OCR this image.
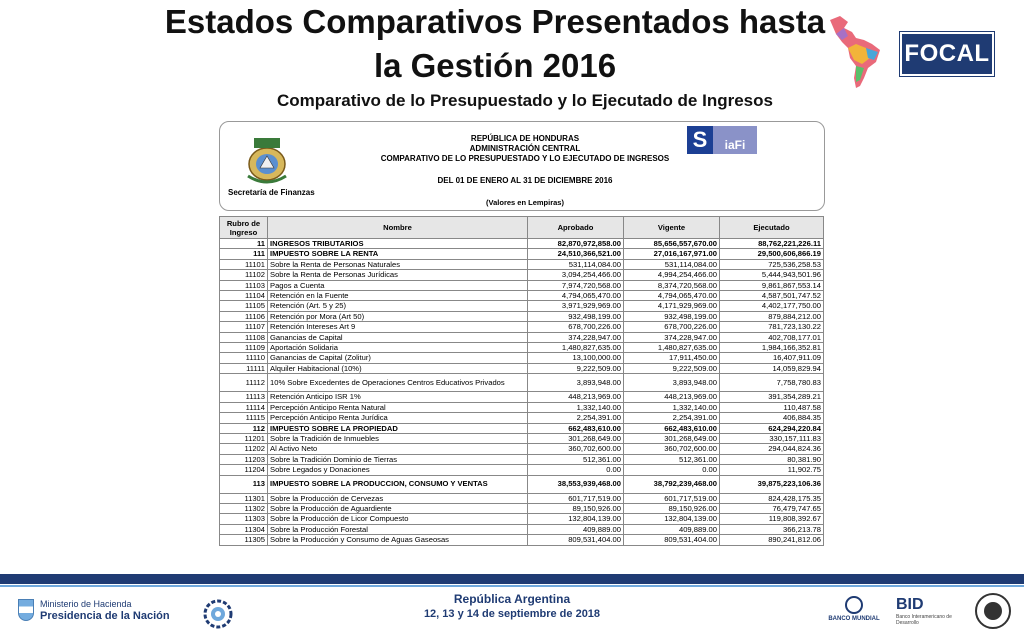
Estados Comparativos Presentados hasta
la Gestión 2016
Comparativo de lo Presupuestado y lo Ejecutado de Ingresos
FOCAL
Secretaría de Finanzas
REPÚBLICA DE HONDURAS
ADMINISTRACIÓN CENTRAL
COMPARATIVO DE LO PRESUPUESTADO Y LO EJECUTADO DE INGRESOS
DEL 01 DE ENERO AL 31 DE DICIEMBRE 2016
(Valores en Lempiras)
S	iaFi
Rubro de Ingreso	Nombre	Aprobado	Vigente	Ejecutado
11	INGRESOS TRIBUTARIOS	82,870,972,858.00	85,656,557,670.00	88,762,221,226.11
111	IMPUESTO SOBRE LA RENTA	24,510,366,521.00	27,016,167,971.00	29,500,606,866.19
11101	Sobre la Renta de Personas Naturales	531,114,084.00	531,114,084.00	725,536,258.53
11102	Sobre la Renta de Personas Jurídicas	3,094,254,466.00	4,994,254,466.00	5,444,943,501.96
11103	Pagos a Cuenta	7,974,720,568.00	8,374,720,568.00	9,861,867,553.14
11104	Retención en la Fuente	4,794,065,470.00	4,794,065,470.00	4,587,501,747.52
11105	Retención (Art. 5 y 25)	3,971,929,969.00	4,171,929,969.00	4,402,177,750.00
11106	Retención por Mora (Art 50)	932,498,199.00	932,498,199.00	879,884,212.00
11107	Retención Intereses Art 9	678,700,226.00	678,700,226.00	781,723,130.22
11108	Ganancias de Capital	374,228,947.00	374,228,947.00	402,708,177.01
11109	Aportación Solidaria	1,480,827,635.00	1,480,827,635.00	1,984,166,352.81
11110	Ganancias de Capital (Zolitur)	13,100,000.00	17,911,450.00	16,407,911.09
11111	Alquiler Habitacional (10%)	9,222,509.00	9,222,509.00	14,059,829.94
11112	10% Sobre Excedentes de Operaciones Centros Educativos Privados	3,893,948.00	3,893,948.00	7,758,780.83
11113	Retención Anticipo ISR 1%	448,213,969.00	448,213,969.00	391,354,289.21
11114	Percepción Anticipo Renta Natural	1,332,140.00	1,332,140.00	110,487.58
11115	Percepción Anticipo Renta Jurídica	2,254,391.00	2,254,391.00	406,884.35
112	IMPUESTO SOBRE LA PROPIEDAD	662,483,610.00	662,483,610.00	624,294,220.84
11201	Sobre la Tradición de Inmuebles	301,268,649.00	301,268,649.00	330,157,111.83
11202	Al Activo Neto	360,702,600.00	360,702,600.00	294,044,824.36
11203	Sobre la Tradición Dominio de Tierras	512,361.00	512,361.00	80,381.90
11204	Sobre Legados y Donaciones	0.00	0.00	11,902.75
113	IMPUESTO SOBRE LA PRODUCCION, CONSUMO Y VENTAS	38,553,939,468.00	38,792,239,468.00	39,875,223,106.36
11301	Sobre la Producción de Cervezas	601,717,519.00	601,717,519.00	824,428,175.35
11302	Sobre la Producción de Aguardiente	89,150,926.00	89,150,926.00	76,479,747.65
11303	Sobre la Producción de Licor Compuesto	132,804,139.00	132,804,139.00	119,808,392.67
11304	Sobre la Producción Forestal	409,889.00	409,889.00	366,213.78
11305	Sobre la Producción y Consumo de Aguas Gaseosas	809,531,404.00	809,531,404.00	890,241,812.06
Ministerio de Hacienda
Presidencia de la Nación
República Argentina
12, 13 y 14 de septiembre de 2018	BANCO MUNDIAL
BID
Banco Interamericano de Desarrollo
